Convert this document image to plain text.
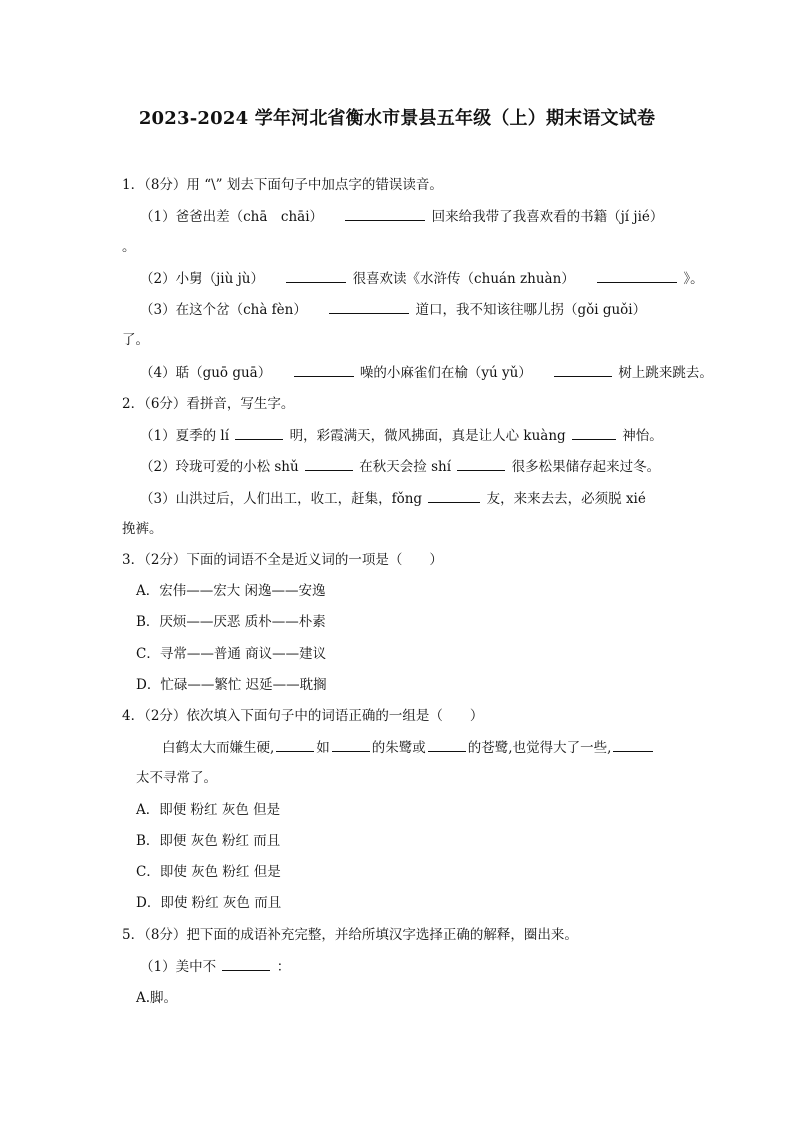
2023-2024 学年河北省衡水市景县五年级（上）期末语文试卷
1．（8分）用 “\” 划去下面句子中加点字的错误读音。
（1）爸爸出差（chā　chāi）	回来给我带了我喜欢看的书籍（jí jié）
。
（2）小舅（jiù jù）	很喜欢读《水浒传（chuán zhuàn）	》。
（3）在这个岔（chà fèn）	道口，我不知该往哪儿拐（gǒi guǒi）
了。
（4）聒（guō guā）	噪的小麻雀们在榆（yú yǔ）	树上跳来跳去。
2．（6分）看拼音，写生字。
（1）夏季的 lí	明，彩霞满天，微风拂面，真是让人心 kuàng	神怡。
（2）玲珑可爱的小松 shǔ	在秋天会捡 shí	很多松果储存起来过冬。
（3）山洪过后，人们出工，收工，赶集，fǒng	友，来来去去，必须脱 xié
挽裤。
3．（2分）下面的词语不全是近义词的一项是（　　）
A．宏伟——宏大 闲逸——安逸
B．厌烦——厌恶 质朴——朴素
C．寻常——普通 商议——建议
D．忙碌——繁忙 迟延——耽搁
4．（2分）依次填入下面句子中的词语正确的一组是（　　）
白鹤太大而嫌生硬,	如	的朱鹭或	的苍鹭,也觉得大了一些,
太不寻常了。
A．即便 粉红 灰色 但是
B．即便 灰色 粉红 而且
C．即使 灰色 粉红 但是
D．即使 粉红 灰色 而且
5．（8分）把下面的成语补充完整，并给所填汉字选择正确的解释，圈出来。
（1）美中不	：
A.脚。
